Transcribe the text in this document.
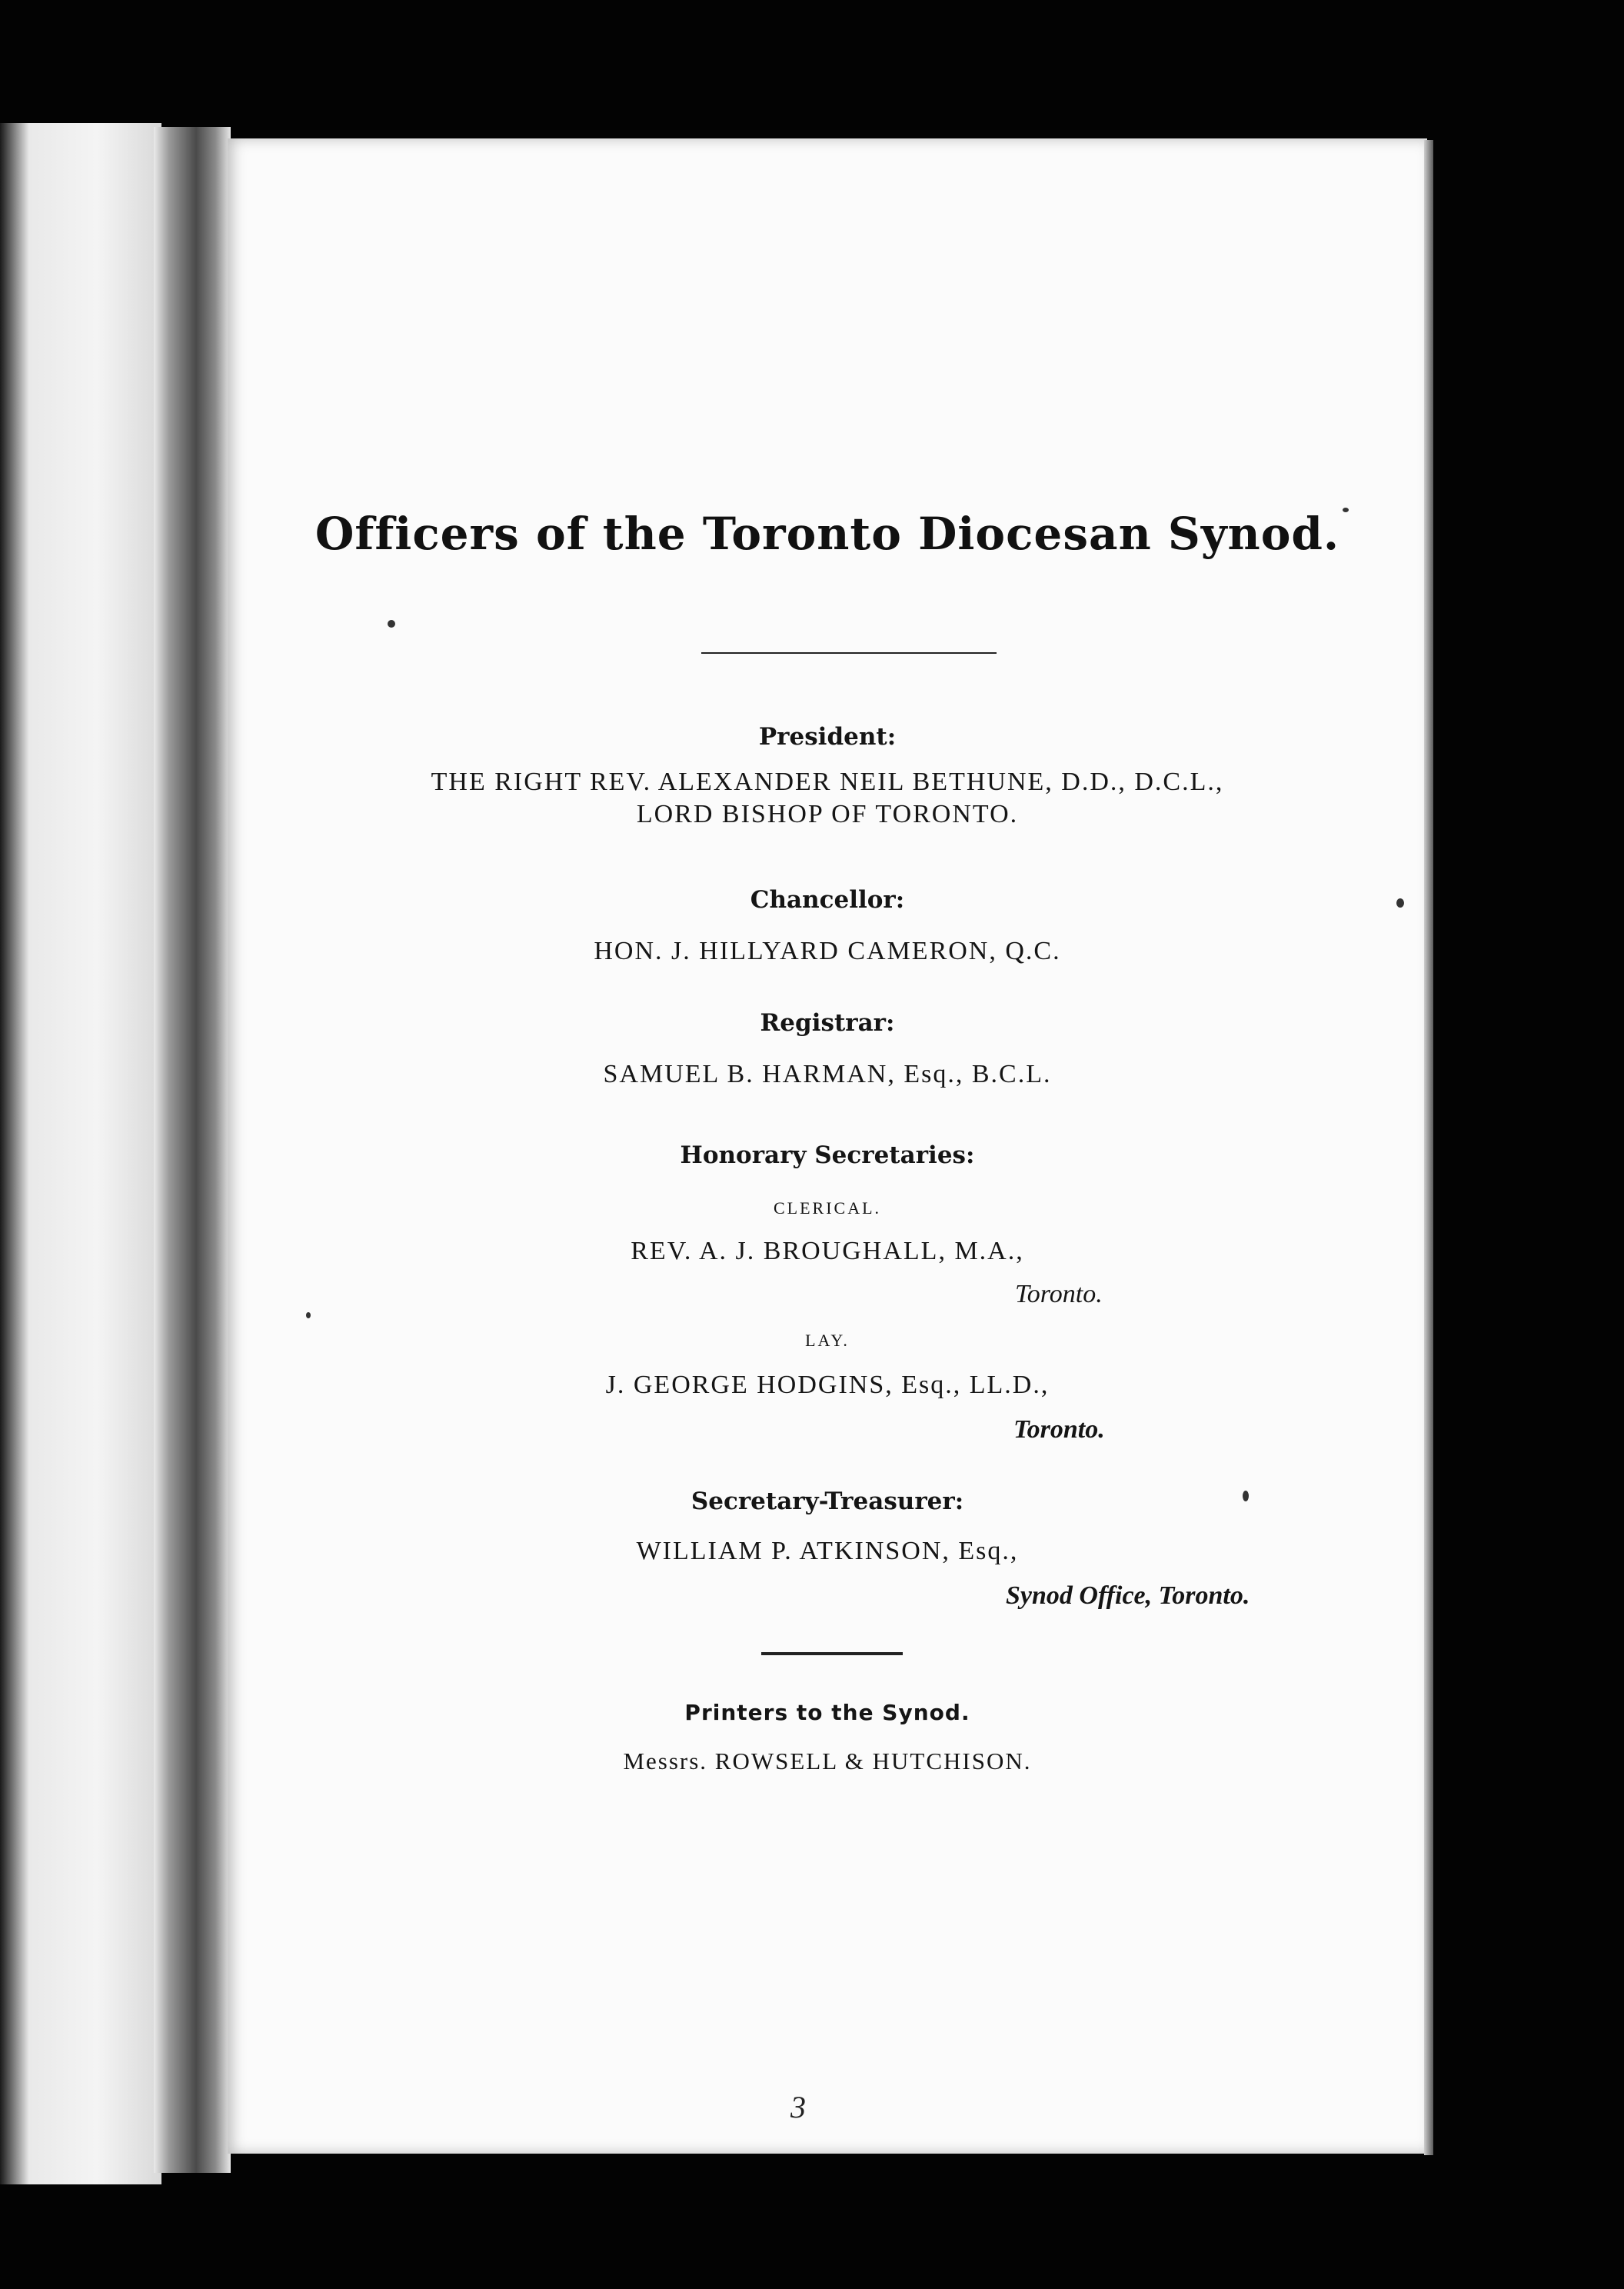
Officers of the Toronto Diocesan Synod.
President:
THE RIGHT REV. ALEXANDER NEIL BETHUNE, D.D., D.C.L.,
LORD BISHOP OF TORONTO.
Chancellor:
HON. J. HILLYARD CAMERON, Q.C.
Registrar:
SAMUEL B. HARMAN, Esq., B.C.L.
Honorary Secretaries:
CLERICAL.
REV. A. J. BROUGHALL, M.A.,
Toronto.
LAY.
J. GEORGE HODGINS, Esq., LL.D.,
Toronto.
Secretary-Treasurer:
WILLIAM P. ATKINSON, Esq.,
Synod Office, Toronto.
Printers to the Synod.
Messrs. ROWSELL & HUTCHISON.
3
